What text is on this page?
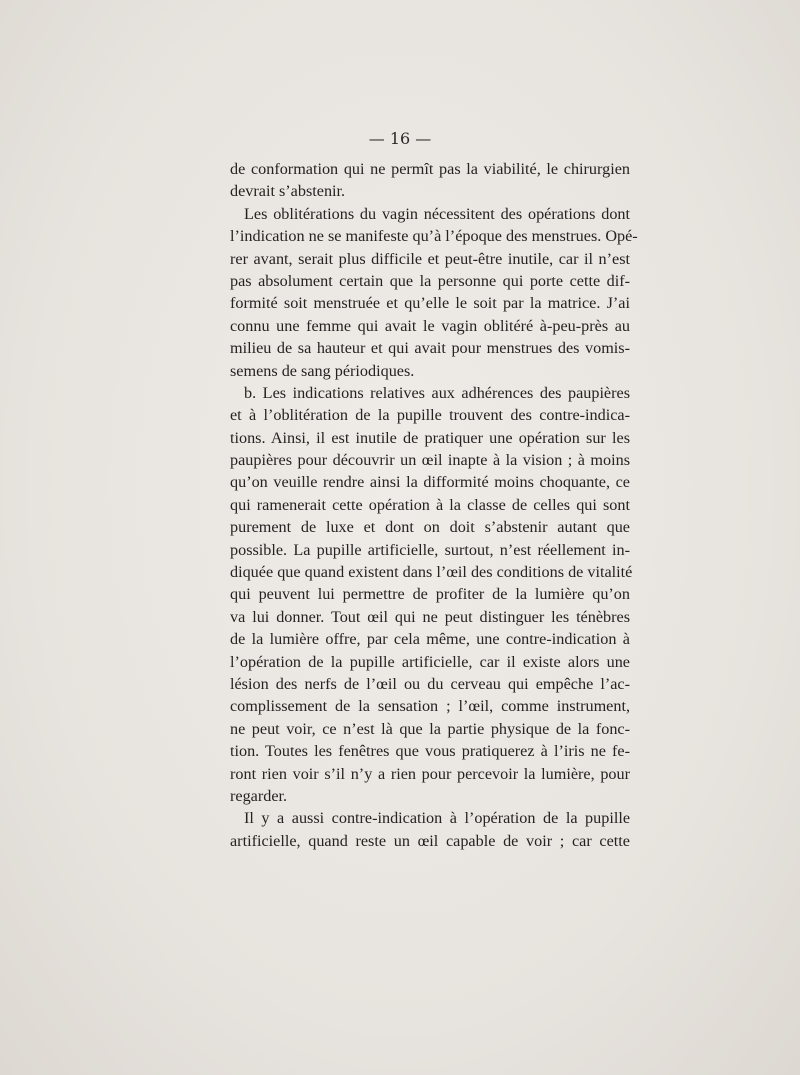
— 16 —
de conformation qui ne permît pas la viabilité, le chirurgien
devrait s’abstenir.
Les oblitérations du vagin nécessitent des opérations dont
l’indication ne se manifeste qu’à l’époque des menstrues. Opé-
rer avant, serait plus difficile et peut-être inutile, car il n’est
pas absolument certain que la personne qui porte cette dif-
formité soit menstruée et qu’elle le soit par la matrice. J’ai
connu une femme qui avait le vagin oblitéré à-peu-près au
milieu de sa hauteur et qui avait pour menstrues des vomis-
semens de sang périodiques.
b. Les indications relatives aux adhérences des paupières
et à l’oblitération de la pupille trouvent des contre-indica-
tions. Ainsi, il est inutile de pratiquer une opération sur les
paupières pour découvrir un œil inapte à la vision ; à moins
qu’on veuille rendre ainsi la difformité moins choquante, ce
qui ramenerait cette opération à la classe de celles qui sont
purement de luxe et dont on doit s’abstenir autant que
possible. La pupille artificielle, surtout, n’est réellement in-
diquée que quand existent dans l’œil des conditions de vitalité
qui peuvent lui permettre de profiter de la lumière qu’on
va lui donner. Tout œil qui ne peut distinguer les ténèbres
de la lumière offre, par cela même, une contre-indication à
l’opération de la pupille artificielle, car il existe alors une
lésion des nerfs de l’œil ou du cerveau qui empêche l’ac-
complissement de la sensation ; l’œil, comme instrument,
ne peut voir, ce n’est là que la partie physique de la fonc-
tion. Toutes les fenêtres que vous pratiquerez à l’iris ne fe-
ront rien voir s’il n’y a rien pour percevoir la lumière, pour
regarder.
Il y a aussi contre-indication à l’opération de la pupille
artificielle, quand reste un œil capable de voir ; car cette
